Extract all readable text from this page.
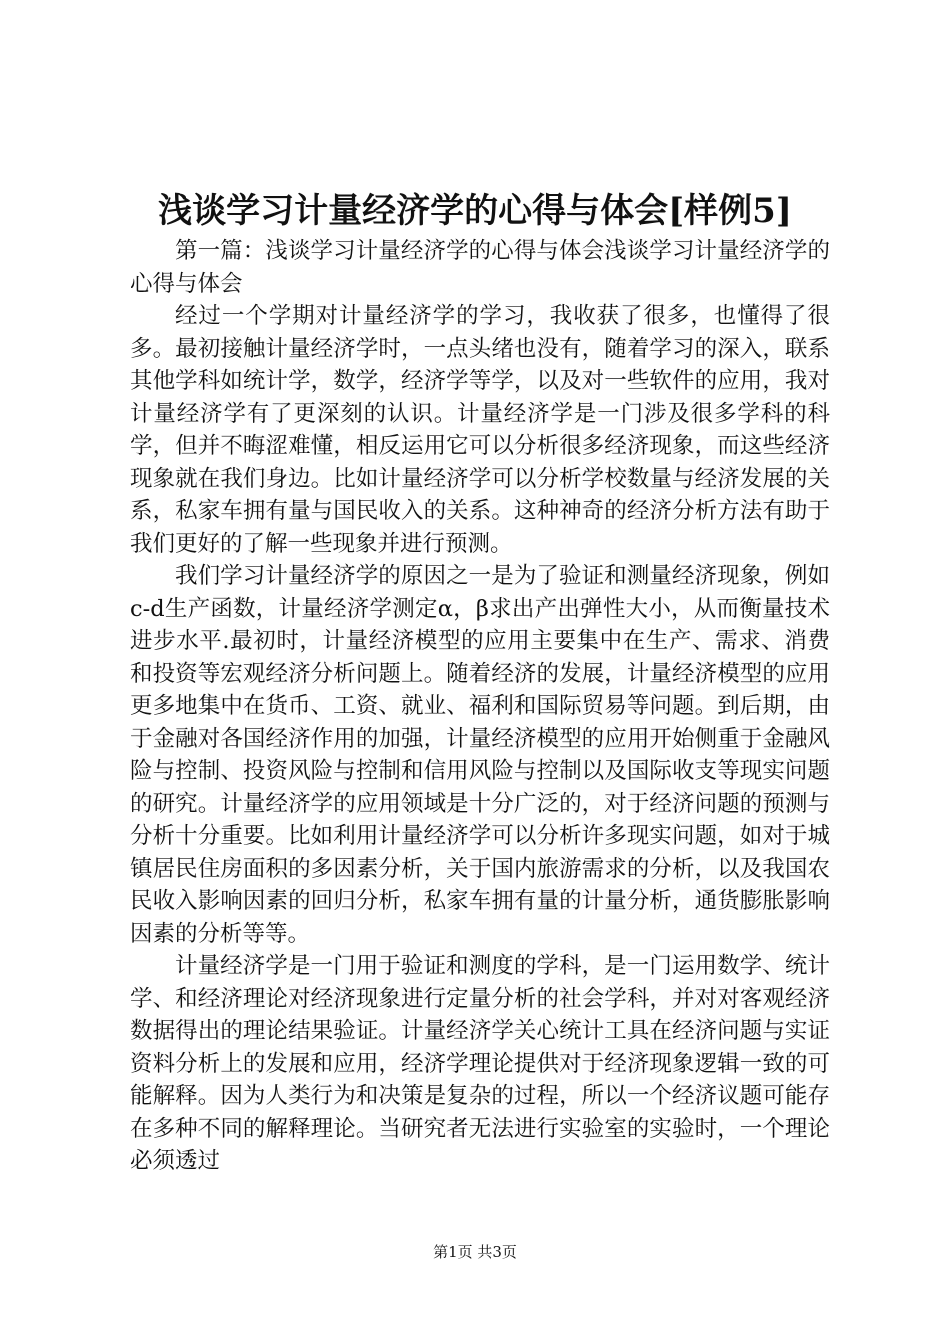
浅谈学习计量经济学的心得与体会[样例5]

第一篇：浅谈学习计量经济学的心得与体会浅谈学习计量经济学的心得与体会

经过一个学期对计量经济学的学习，我收获了很多，也懂得了很多。最初接触计量经济学时，一点头绪也没有，随着学习的深入，联系其他学科如统计学，数学，经济学等学，以及对一些软件的应用，我对计量经济学有了更深刻的认识。计量经济学是一门涉及很多学科的科学，但并不晦涩难懂，相反运用它可以分析很多经济现象，而这些经济现象就在我们身边。比如计量经济学可以分析学校数量与经济发展的关系，私家车拥有量与国民收入的关系。这种神奇的经济分析方法有助于我们更好的了解一些现象并进行预测。

我们学习计量经济学的原因之一是为了验证和测量经济现象，例如c-d生产函数，计量经济学测定α，β求出产出弹性大小，从而衡量技术进步水平.最初时，计量经济模型的应用主要集中在生产、需求、消费和投资等宏观经济分析问题上。随着经济的发展，计量经济模型的应用更多地集中在货币、工资、就业、福利和国际贸易等问题。到后期，由于金融对各国经济作用的加强，计量经济模型的应用开始侧重于金融风险与控制、投资风险与控制和信用风险与控制以及国际收支等现实问题的研究。计量经济学的应用领域是十分广泛的，对于经济问题的预测与分析十分重要。比如利用计量经济学可以分析许多现实问题，如对于城镇居民住房面积的多因素分析，关于国内旅游需求的分析，以及我国农民收入影响因素的回归分析，私家车拥有量的计量分析，通货膨胀影响因素的分析等等。

计量经济学是一门用于验证和测度的学科，是一门运用数学、统计学、和经济理论对经济现象进行定量分析的社会学科，并对对客观经济数据得出的理论结果验证。计量经济学关心统计工具在经济问题与实证资料分析上的发展和应用，经济学理论提供对于经济现象逻辑一致的可能解释。因为人类行为和决策是复杂的过程，所以一个经济议题可能存在多种不同的解释理论。当研究者无法进行实验室的实验时，一个理论必须透过

第1页 共3页
